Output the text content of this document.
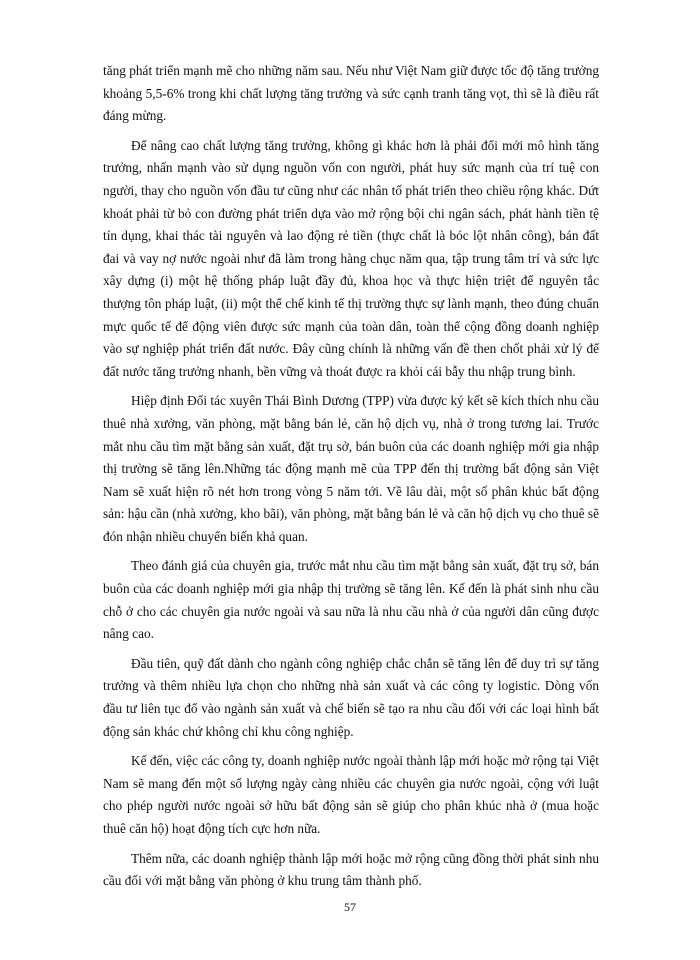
tăng phát triển mạnh mẽ cho những năm sau. Nếu như Việt Nam giữ được tốc độ tăng trưởng khoảng 5,5-6% trong khi chất lượng tăng trưởng và sức cạnh tranh tăng vọt, thì sẽ là điều rất đáng mừng.

Để nâng cao chất lượng tăng trưởng, không gì khác hơn là phải đổi mới mô hình tăng trưởng, nhấn mạnh vào sử dụng nguồn vốn con người, phát huy sức mạnh của trí tuệ con người, thay cho nguồn vốn đầu tư cũng như các nhân tố phát triển theo chiều rộng khác. Dứt khoát phải từ bỏ con đường phát triển dựa vào mở rộng bội chi ngân sách, phát hành tiền tệ tín dụng, khai thác tài nguyên và lao động rẻ tiền (thực chất là bóc lột nhân công), bán đất đai và vay nợ nước ngoài như đã làm trong hàng chục năm qua, tập trung tâm trí và sức lực xây dựng (i) một hệ thống pháp luật đầy đủ, khoa học và thực hiện triệt để nguyên tắc thượng tôn pháp luật, (ii) một thể chế kinh tế thị trường thực sự lành mạnh, theo đúng chuẩn mực quốc tế để động viên được sức mạnh của toàn dân, toàn thể cộng đồng doanh nghiệp vào sự nghiệp phát triển đất nước. Đây cũng chính là những vấn đề then chốt phải xử lý để đất nước tăng trưởng nhanh, bền vững và thoát được ra khỏi cái bẫy thu nhập trung bình.

Hiệp định Đối tác xuyên Thái Bình Dương (TPP) vừa được ký kết sẽ kích thích nhu cầu thuê nhà xưởng, văn phòng, mặt bằng bán lẻ, căn hộ dịch vụ, nhà ở trong tương lai. Trước mắt nhu cầu tìm mặt bằng sản xuất, đặt trụ sở, bán buôn của các doanh nghiệp mới gia nhập thị trường sẽ tăng lên.Những tác động mạnh mẽ của TPP đến thị trường bất động sản Việt Nam sẽ xuất hiện rõ nét hơn trong vòng 5 năm tới. Về lâu dài, một số phân khúc bất động sản: hậu cần (nhà xưởng, kho bãi), văn phòng, mặt bằng bán lẻ và căn hộ dịch vụ cho thuê sẽ đón nhận nhiều chuyển biến khả quan.

Theo đánh giá của chuyên gia, trước mắt nhu cầu tìm mặt bằng sản xuất, đặt trụ sở, bán buôn của các doanh nghiệp mới gia nhập thị trường sẽ tăng lên. Kế đến là phát sinh nhu cầu chỗ ở cho các chuyên gia nước ngoài và sau nữa là nhu cầu nhà ở của người dân cũng được nâng cao.

Đầu tiên, quỹ đất dành cho ngành công nghiệp chắc chắn sẽ tăng lên để duy trì sự tăng trưởng và thêm nhiều lựa chọn cho những nhà sản xuất và các công ty logistic. Dòng vốn đầu tư liên tục đổ vào ngành sản xuất và chế biến sẽ tạo ra nhu cầu đối với các loại hình bất động sản khác chứ không chỉ khu công nghiệp.

Kế đến, việc các công ty, doanh nghiệp nước ngoài thành lập mới hoặc mở rộng tại Việt Nam sẽ mang đến một số lượng ngày càng nhiều các chuyên gia nước ngoài, cộng với luật cho phép người nước ngoài sở hữu bất động sản sẽ giúp cho phân khúc nhà ở (mua hoặc thuê căn hộ) hoạt động tích cực hơn nữa.

Thêm nữa, các doanh nghiệp thành lập mới hoặc mở rộng cũng đồng thời phát sinh nhu cầu đối với mặt bằng văn phòng ở khu trung tâm thành phố.

57
